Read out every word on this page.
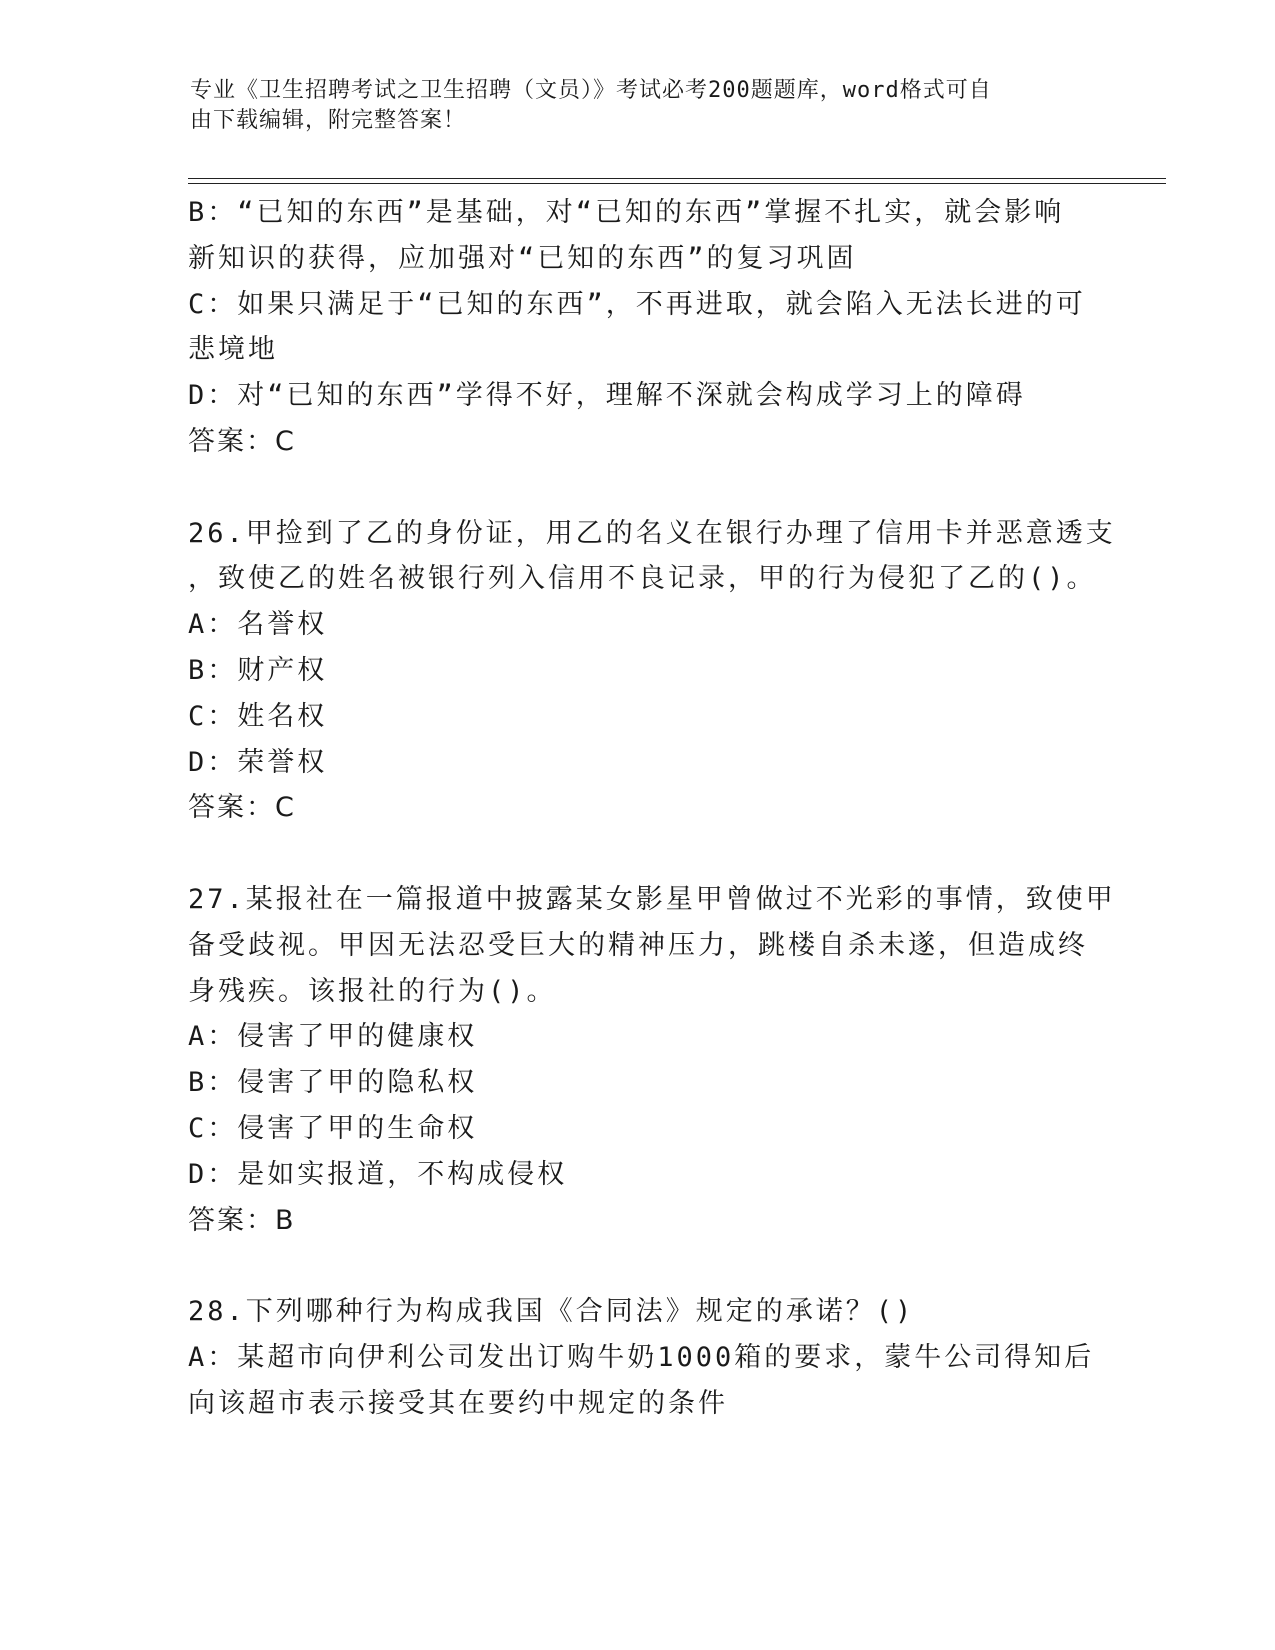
专业《卫生招聘考试之卫生招聘（文员）》考试必考200题题库，word格式可自
由下载编辑，附完整答案！
B：“已知的东西”是基础，对“已知的东西”掌握不扎实，就会影响
新知识的获得，应加强对“已知的东西”的复习巩固
C：如果只满足于“已知的东西”，不再进取，就会陷入无法长进的可
悲境地
D：对“已知的东西”学得不好，理解不深就会构成学习上的障碍
答案：C
26.甲捡到了乙的身份证，用乙的名义在银行办理了信用卡并恶意透支
，致使乙的姓名被银行列入信用不良记录，甲的行为侵犯了乙的()。
A：名誉权
B：财产权
C：姓名权
D：荣誉权
答案：C
27.某报社在一篇报道中披露某女影星甲曾做过不光彩的事情，致使甲
备受歧视。甲因无法忍受巨大的精神压力，跳楼自杀未遂，但造成终
身残疾。该报社的行为()。
A：侵害了甲的健康权
B：侵害了甲的隐私权
C：侵害了甲的生命权
D：是如实报道，不构成侵权
答案：B
28.下列哪种行为构成我国《合同法》规定的承诺？()
A：某超市向伊利公司发出订购牛奶1000箱的要求，蒙牛公司得知后
向该超市表示接受其在要约中规定的条件
